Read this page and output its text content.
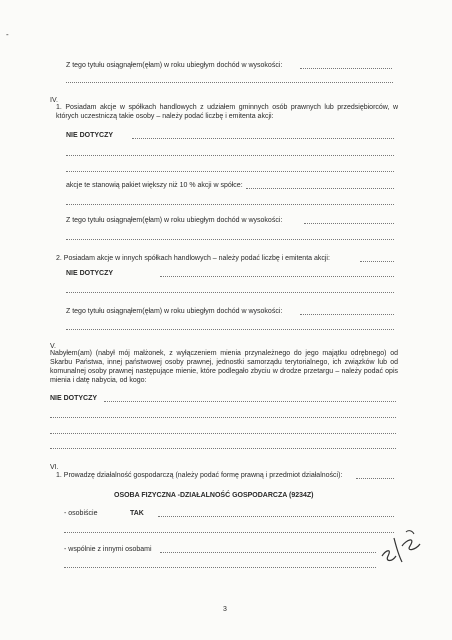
-
Z tego tytułu osiągnąłem(ęłam) w roku ubiegłym dochód w wysokości:
IV.
1. Posiadam akcje w spółkach handlowych z udziałem gminnych osób prawnych lub przedsiębiorców, w których uczestniczą takie osoby – należy podać liczbę i emitenta akcji:
NIE DOTYCZY
akcje te stanowią pakiet większy niż 10 % akcji w spółce:
Z tego tytułu osiągnąłem(ęłam) w roku ubiegłym dochód w wysokości:
2. Posiadam akcje w innych spółkach handlowych – należy podać liczbę i emitenta akcji:
NIE DOTYCZY
Z tego tytułu osiągnąłem(ęłam) w roku ubiegłym dochód w wysokości:
V.
Nabyłem(am) (nabył mój małżonek, z wyłączeniem mienia przynależnego do jego majątku odrębnego) od Skarbu Państwa, innej państwowej osoby prawnej, jednostki samorządu terytorialnego, ich związków lub od komunalnej osoby prawnej następujące mienie, które podlegało zbyciu w drodze przetargu – należy podać opis mienia i datę nabycia, od kogo:
NIE DOTYCZY
VI.
1. Prowadzę działalność gospodarczą (należy podać formę prawną i przedmiot działalności):
OSOBA FIZYCZNA -DZIAŁALNOŚĆ GOSPODARCZA (9234Z)
- osobiście	TAK
- wspólnie z innymi osobami
3
